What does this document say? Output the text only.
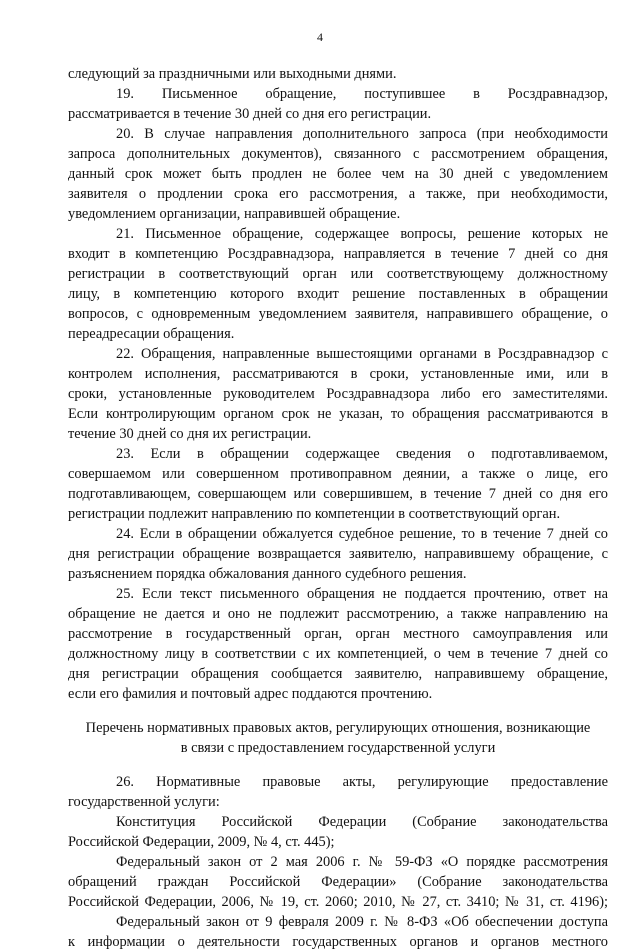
4
следующий за праздничными или выходными днями.
19. Письменное обращение, поступившее в Росздравнадзор,
рассматривается в течение 30 дней со дня его регистрации.
20. В случае направления дополнительного запроса (при необходимости
запроса дополнительных документов), связанного с рассмотрением обращения,
данный срок может быть продлен не более чем на 30 дней с уведомлением
заявителя о продлении срока его рассмотрения, а также, при необходимости,
уведомлением организации, направившей обращение.
21. Письменное обращение, содержащее вопросы, решение которых не
входит в компетенцию Росздравнадзора, направляется в течение 7 дней со дня
регистрации в соответствующий орган или соответствующему должностному
лицу, в компетенцию которого входит решение поставленных в обращении
вопросов, с одновременным уведомлением заявителя, направившего обращение, о
переадресации обращения.
22. Обращения, направленные вышестоящими органами в Росздравнадзор с
контролем исполнения, рассматриваются в сроки, установленные ими, или в
сроки, установленные руководителем Росздравнадзора либо его заместителями.
Если контролирующим органом срок не указан, то обращения рассматриваются в
течение 30 дней со дня их регистрации.
23. Если в обращении содержащее сведения о подготавливаемом,
совершаемом или совершенном противоправном деянии, а также о лице, его
подготавливающем, совершающем или совершившем, в течение 7 дней со дня его
регистрации подлежит направлению по компетенции в соответствующий орган.
24. Если в обращении обжалуется судебное решение, то в течение 7 дней со
дня регистрации обращение возвращается заявителю, направившему обращение, с
разъяснением порядка обжалования данного судебного решения.
25. Если текст письменного обращения не поддается прочтению, ответ на
обращение не дается и оно не подлежит рассмотрению, а также направлению на
рассмотрение в государственный орган, орган местного самоуправления или
должностному лицу в соответствии с их компетенцией, о чем в течение 7 дней со
дня регистрации обращения сообщается заявителю, направившему обращение,
если его фамилия и почтовый адрес поддаются прочтению.
Перечень нормативных правовых актов, регулирующих отношения, возникающие
в связи с предоставлением государственной услуги
26. Нормативные правовые акты, регулирующие предоставление
государственной услуги:
Конституция Российской Федерации (Собрание законодательства
Российской Федерации, 2009, № 4, ст. 445);
Федеральный закон от 2 мая 2006 г. № 59-ФЗ «О порядке рассмотрения
обращений граждан Российской Федерации» (Собрание законодательства
Российской Федерации, 2006, № 19, ст. 2060; 2010, № 27, ст. 3410; № 31, ст. 4196);
Федеральный закон от 9 февраля 2009 г. № 8-ФЗ «Об обеспечении доступа
к информации о деятельности государственных органов и органов местного
